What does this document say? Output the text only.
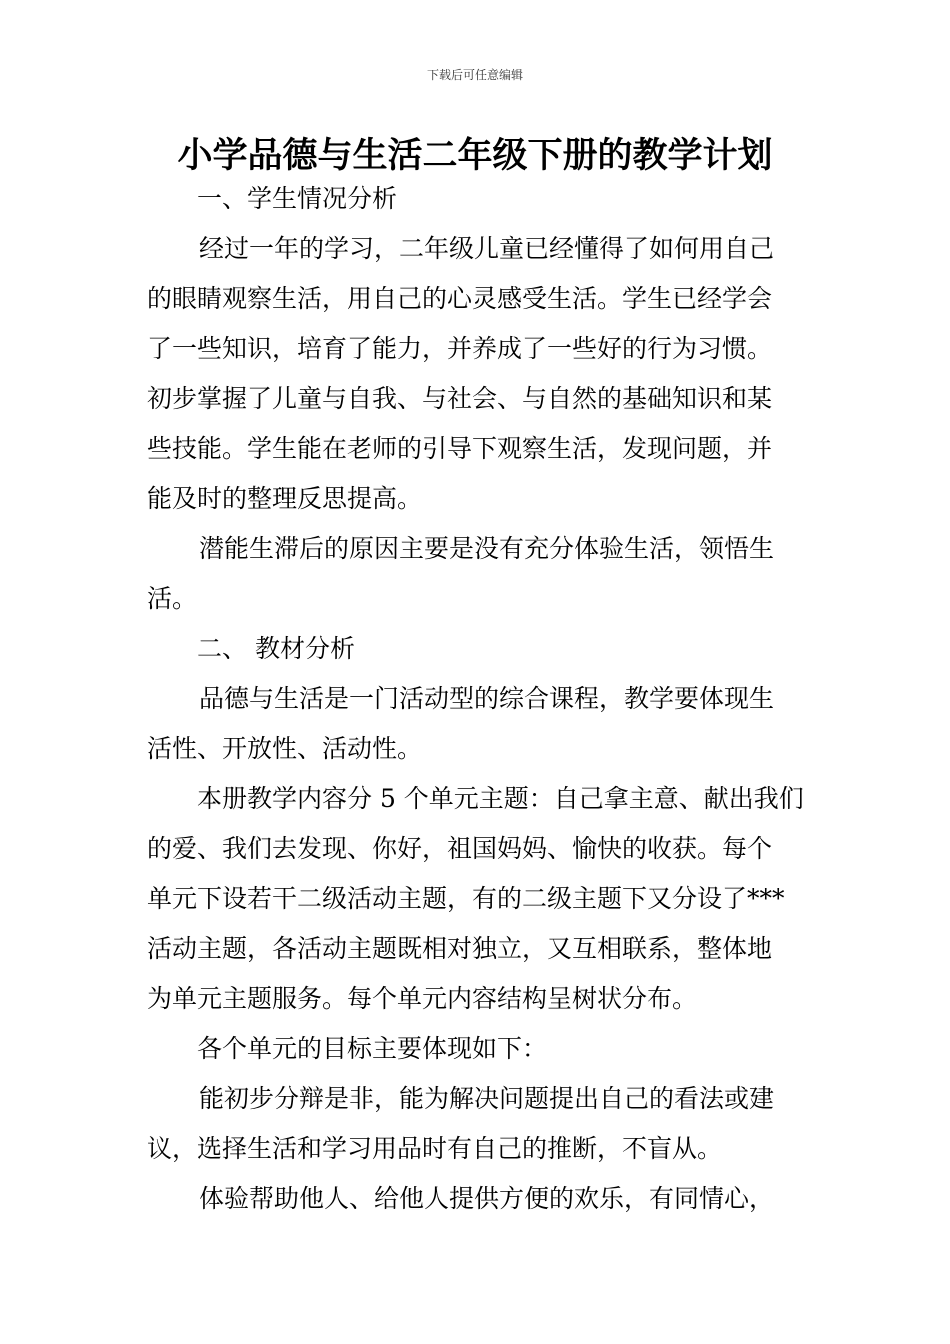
下载后可任意编辑
小学品德与生活二年级下册的教学计划
一、学生情况分析
经过一年的学习，二年级儿童已经懂得了如何用自己
的眼睛观察生活，用自己的心灵感受生活。学生已经学会
了一些知识，培育了能力，并养成了一些好的行为习惯。
初步掌握了儿童与自我、与社会、与自然的基础知识和某
些技能。学生能在老师的引导下观察生活，发现问题，并
能及时的整理反思提高。
潜能生滞后的原因主要是没有充分体验生活，领悟生
活。
二、 教材分析
品德与生活是一门活动型的综合课程，教学要体现生
活性、开放性、活动性。
本册教学内容分 5 个单元主题：自己拿主意、献出我们
的爱、我们去发现、你好，祖国妈妈、愉快的收获。每个
单元下设若干二级活动主题，有的二级主题下又分设了***
活动主题，各活动主题既相对独立，又互相联系，整体地
为单元主题服务。每个单元内容结构呈树状分布。
各个单元的目标主要体现如下：
能初步分辩是非，能为解决问题提出自己的看法或建
议，选择生活和学习用品时有自己的推断，不盲从。
体验帮助他人、给他人提供方便的欢乐，有同情心，
